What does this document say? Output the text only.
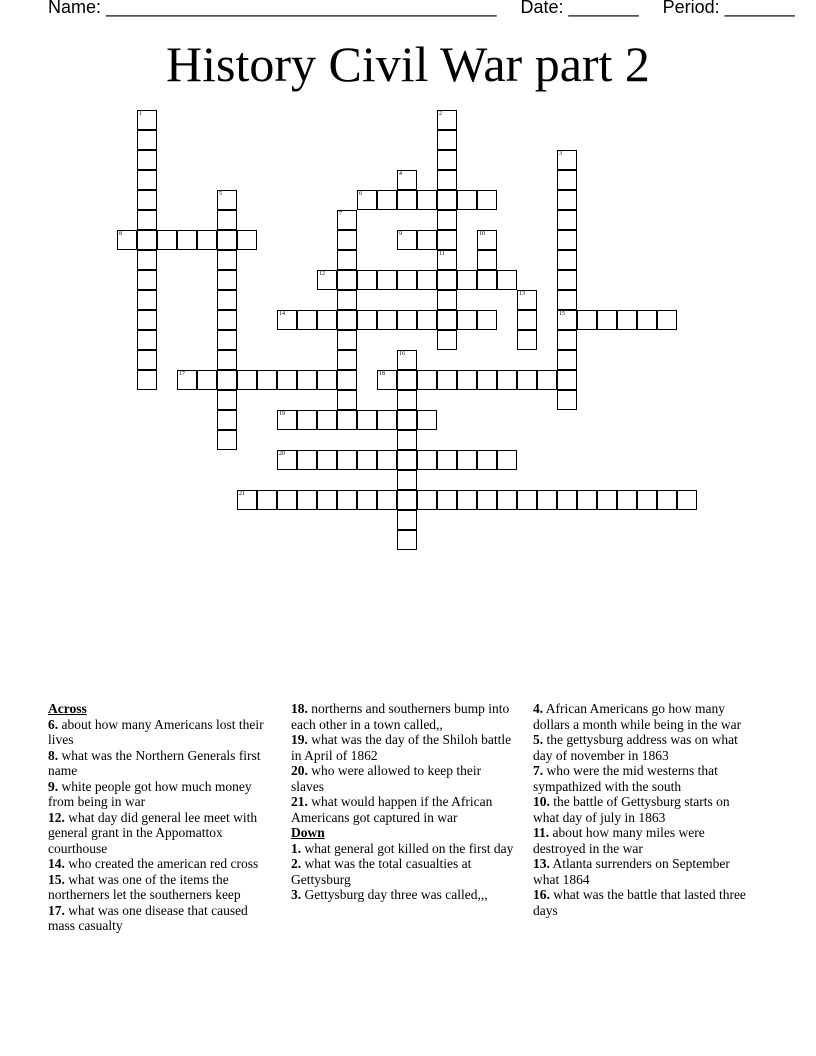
Name: _______________________________________ Date: _______ Period: _______
History Civil War part 2
1	2
11
3
15
4
5	6
7
8	9	10
12
13
14
16
17	18
19
20
21
Across
6. about how many Americans lost their lives
8. what was the Northern Generals first name
9. white people got how much money from being in war
12. what day did general lee meet with general grant in the Appomattox courthouse
14. who created the american red cross
15. what was one of the items the northerners let the southerners keep
17. what was one disease that caused mass casualty
18. northerns and southerners bump into each other in a town called,,
19. what was the day of the Shiloh battle in April of 1862
20. who were allowed to keep their slaves
21. what would happen if the African Americans got captured in war
Down
1. what general got killed on the first day
2. what was the total casualties at Gettysburg
3. Gettysburg day three was called,,,
4. African Americans go how many dollars a month while being in the war
5. the gettysburg address was on what day of november in 1863
7. who were the mid westerns that sympathized with the south
10. the battle of Gettysburg starts on what day of july in 1863
11. about how many miles were destroyed in the war
13. Atlanta surrenders on September what 1864
16. what was the battle that lasted three days
